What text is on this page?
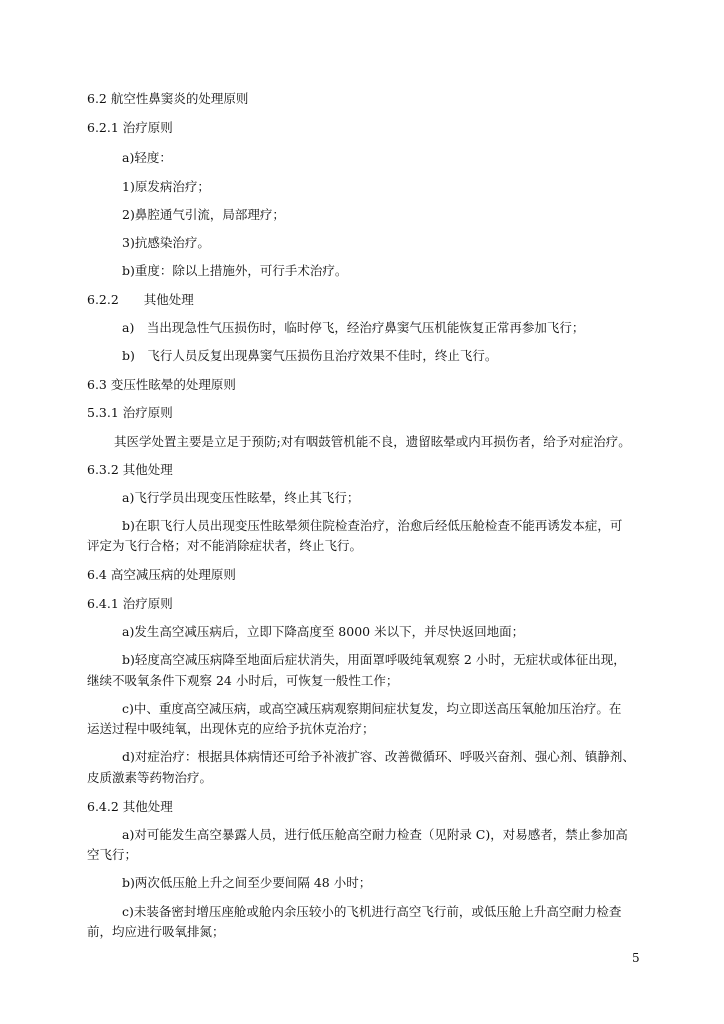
6.2 航空性鼻窦炎的处理原则
6.2.1 治疗原则
a)轻度：
1)原发病治疗；
2)鼻腔通气引流，局部理疗；
3)抗感染治疗。
b)重度：除以上措施外，可行手术治疗。
6.2.2　　其他处理
a)　当出现急性气压损伤时，临时停飞，经治疗鼻窦气压机能恢复正常再参加飞行；
b)　飞行人员反复出现鼻窦气压损伤且治疗效果不佳时，终止飞行。
6.3 变压性眩晕的处理原则
5.3.1 治疗原则
其医学处置主要是立足于预防;对有咽鼓管机能不良，遗留眩晕或内耳损伤者，给予对症治疗。
6.3.2 其他处理
a)飞行学员出现变压性眩晕，终止其飞行；
b)在职飞行人员出现变压性眩晕须住院检查治疗，治愈后经低压舱检查不能再诱发本症，可
评定为飞行合格；对不能消除症状者，终止飞行。
6.4 高空减压病的处理原则
6.4.1 治疗原则
a)发生高空减压病后，立即下降高度至 8000 米以下，并尽快返回地面；
b)轻度高空减压病降至地面后症状消失，用面罩呼吸纯氧观察 2 小时，无症状或体征出现，
继续不吸氧条件下观察 24 小时后，可恢复一般性工作；
c)中、重度高空减压病，或高空减压病观察期间症状复发，均立即送高压氧舱加压治疗。在
运送过程中吸纯氧，出现休克的应给予抗休克治疗；
d)对症治疗：根据具体病情还可给予补液扩容、改善微循环、呼吸兴奋剂、强心剂、镇静剂、
皮质激素等药物治疗。
6.4.2 其他处理
a)对可能发生高空暴露人员，进行低压舱高空耐力检查（见附录 C)，对易感者，禁止参加高
空飞行；
b)两次低压舱上升之间至少要间隔 48 小时；
c)未装备密封增压座舱或舱内余压较小的飞机进行高空飞行前，或低压舱上升高空耐力检查
前，均应进行吸氧排氮；
5
